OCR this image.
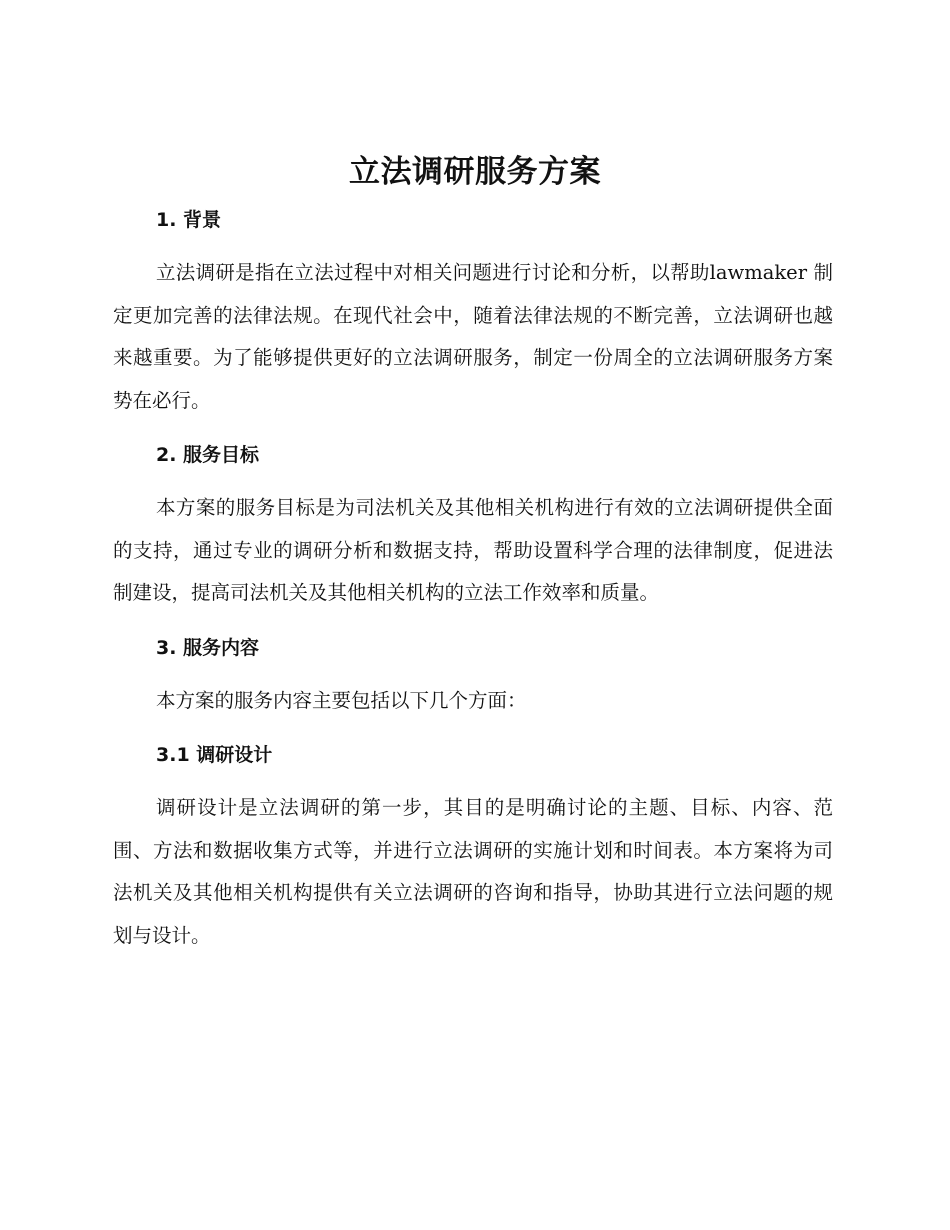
立法调研服务方案
1. 背景

立法调研是指在立法过程中对相关问题进行讨论和分析，以帮助lawmaker 制定更加完善的法律法规。在现代社会中，随着法律法规的不断完善，立法调研也越来越重要。为了能够提供更好的立法调研服务，制定一份周全的立法调研服务方案势在必行。

2. 服务目标

本方案的服务目标是为司法机关及其他相关机构进行有效的立法调研提供全面的支持，通过专业的调研分析和数据支持，帮助设置科学合理的法律制度，促进法制建设，提高司法机关及其他相关机构的立法工作效率和质量。

3. 服务内容

本方案的服务内容主要包括以下几个方面：

3.1 调研设计

调研设计是立法调研的第一步，其目的是明确讨论的主题、目标、内容、范围、方法和数据收集方式等，并进行立法调研的实施计划和时间表。本方案将为司法机关及其他相关机构提供有关立法调研的咨询和指导，协助其进行立法问题的规划与设计。
